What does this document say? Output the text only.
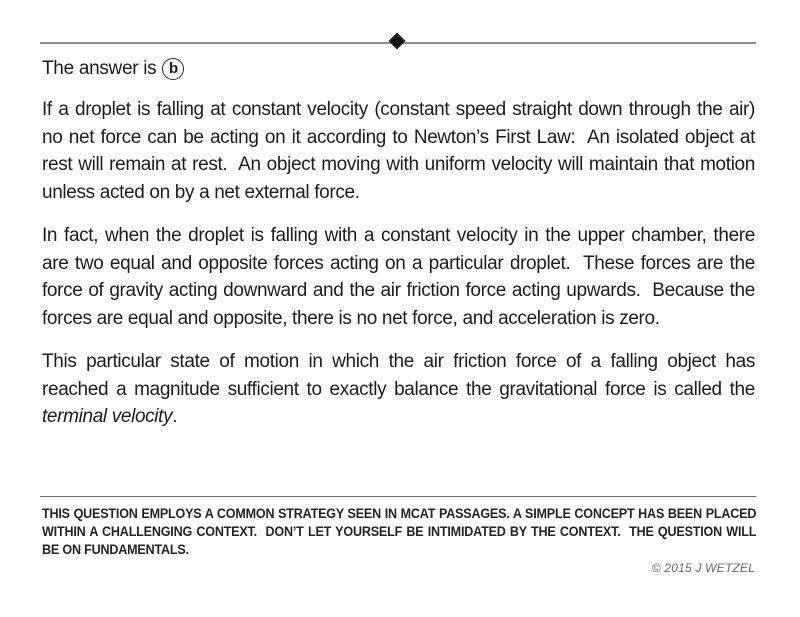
The answer is b

If a droplet is falling at constant velocity (constant speed straight down through the air) no net force can be acting on it according to Newton’s First Law:  An isolated object at rest will remain at rest.  An object moving with uniform velocity will maintain that motion unless acted on by a net external force.

In fact, when the droplet is falling with a constant velocity in the upper chamber, there are two equal and opposite forces acting on a particular droplet.  These forces are the force of gravity acting downward and the air friction force acting upwards.  Because the forces are equal and opposite, there is no net force, and acceleration is zero.

This particular state of motion in which the air friction force of a falling object has reached a magnitude sufficient to exactly balance the gravitational force is called the terminal velocity.

THIS QUESTION EMPLOYS A COMMON STRATEGY SEEN IN MCAT PASSAGES. A SIMPLE CONCEPT HAS BEEN PLACED WITHIN A CHALLENGING CONTEXT.  DON’T LET YOURSELF BE INTIMIDATED BY THE CONTEXT.  THE QUESTION WILL BE ON FUNDAMENTALS.
© 2015 J WETZEL
